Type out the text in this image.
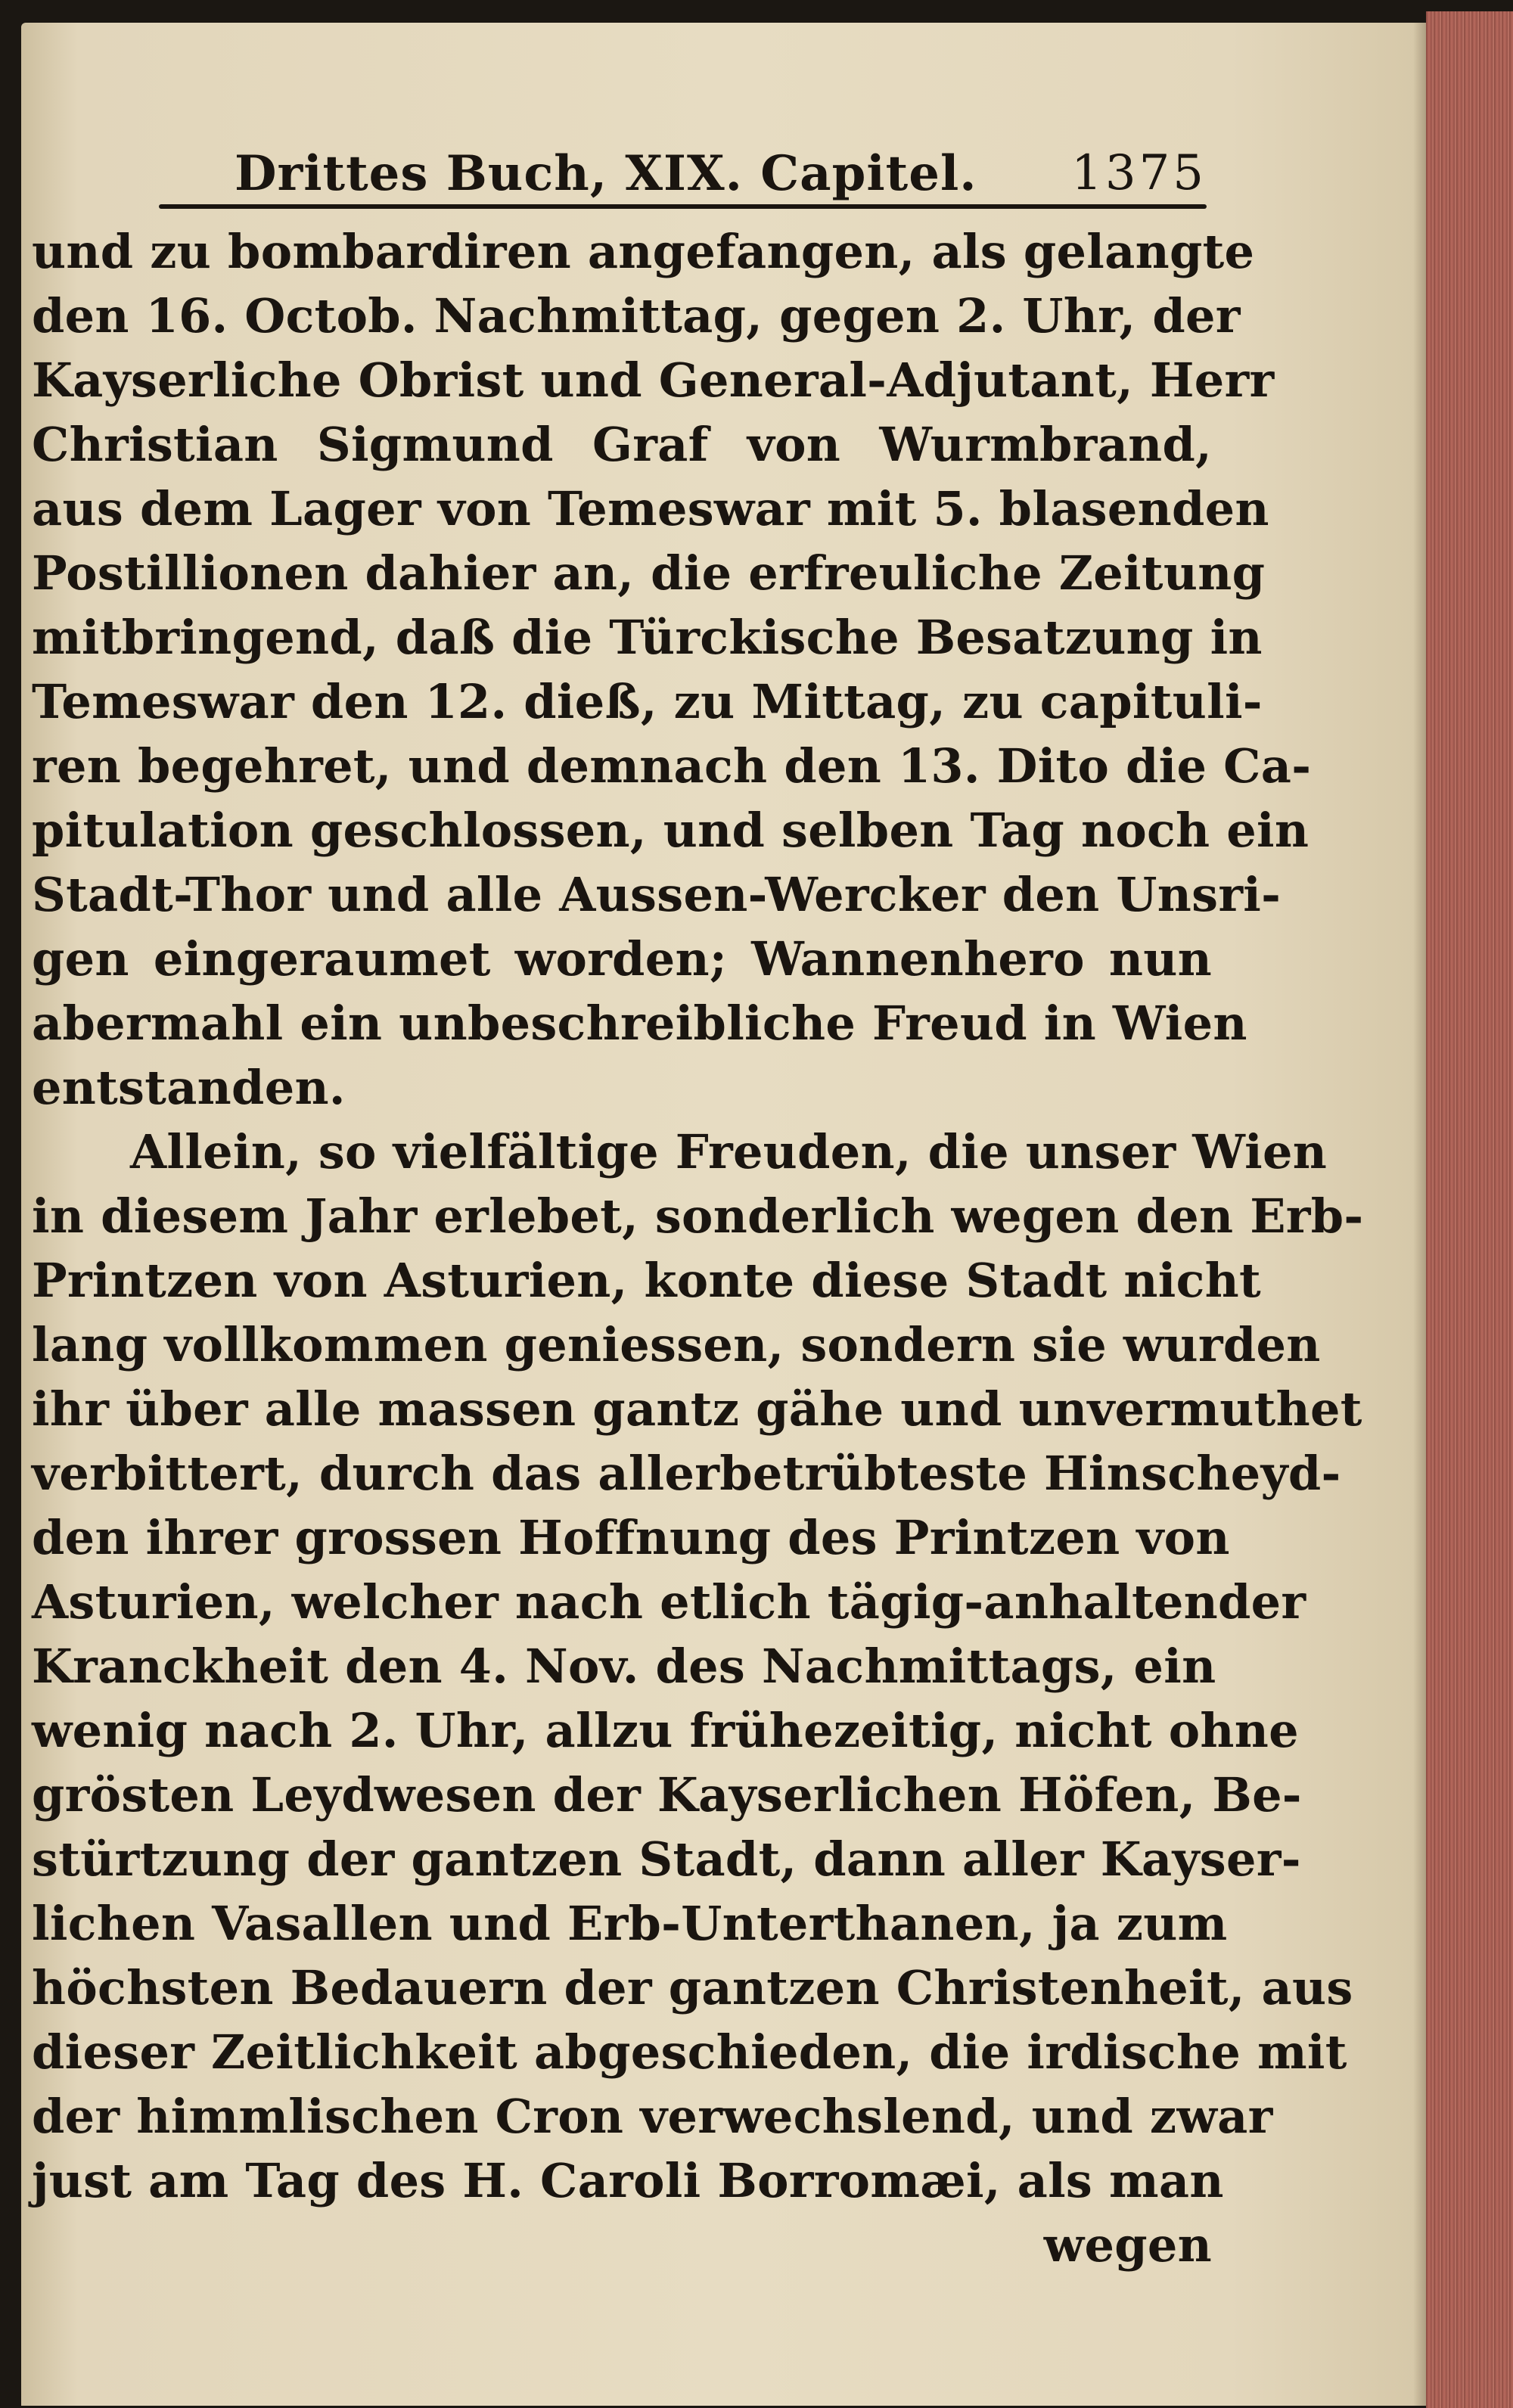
Drittes Buch, XIX. Capitel. 1375
und zu bombardiren angefangen, als gelangte
den 16. Octob. Nachmittag, gegen 2. Uhr, der
Kayserliche Obrist und General-Adjutant, Herr
Christian Sigmund Graf von Wurmbrand,
aus dem Lager von Temeswar mit 5. blasenden
Postillionen dahier an, die erfreuliche Zeitung
mitbringend, daß die Türckische Besatzung in
Temeswar den 12. dieß, zu Mittag, zu capituli-
ren begehret, und demnach den 13. Dito die Ca-
pitulation geschlossen, und selben Tag noch ein
Stadt-Thor und alle Aussen-Wercker den Unsri-
gen eingeraumet worden; Wannenhero nun
abermahl ein unbeschreibliche Freud in Wien
entstanden.
Allein, so vielfältige Freuden, die unser Wien
in diesem Jahr erlebet, sonderlich wegen den Erb-
Printzen von Asturien, konte diese Stadt nicht
lang vollkommen geniessen, sondern sie wurden
ihr über alle massen gantz gähe und unvermuthet
verbittert, durch das allerbetrübteste Hinscheyd-
den ihrer grossen Hoffnung des Printzen von
Asturien, welcher nach etlich tägig-anhaltender
Kranckheit den 4. Nov. des Nachmittags, ein
wenig nach 2. Uhr, allzu frühezeitig, nicht ohne
grösten Leydwesen der Kayserlichen Höfen, Be-
stürtzung der gantzen Stadt, dann aller Kayser-
lichen Vasallen und Erb-Unterthanen, ja zum
höchsten Bedauern der gantzen Christenheit, aus
dieser Zeitlichkeit abgeschieden, die irdische mit
der himmlischen Cron verwechslend, und zwar
just am Tag des H. Caroli Borromæi, als man
wegen
